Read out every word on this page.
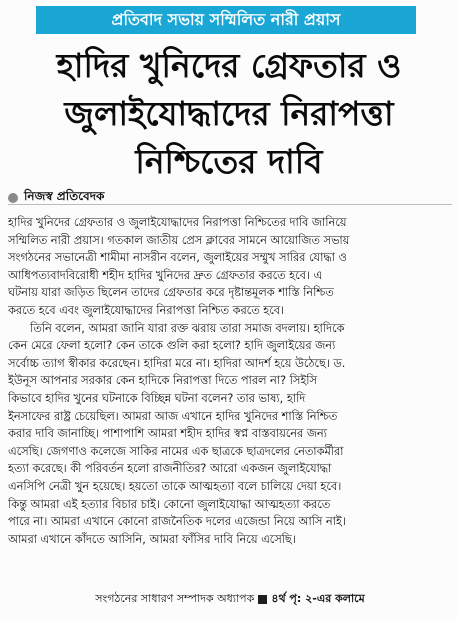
প্রতিবাদ সভায় সম্মিলিত নারী প্রয়াস
হাদির খুনিদের গ্রেফতার ও
জুলাইযোদ্ধাদের নিরাপত্তা
নিশ্চিতের দাবি
নিজস্ব প্রতিবেদক
হাদির খুনিদের গ্রেফতার ও জুলাইযোদ্ধাদের নিরাপত্তা নিশ্চিতের দাবি জানিয়ে
সম্মিলিত নারী প্রয়াস। গতকাল জাতীয় প্রেস ক্লাবের সামনে আয়োজিত সভায়
সংগঠনের সভানেত্রী শামীমা নাসরীন বলেন, জুলাইয়ের সম্মুখ সারির যোদ্ধা ও
আধিপত্যবাদবিরোধী শহীদ হাদির খুনিদের দ্রুত গ্রেফতার করতে হবে। এ
ঘটনায় যারা জড়িত ছিলেন তাদের গ্রেফতার করে দৃষ্টান্তমূলক শাস্তি নিশ্চিত
করতে হবে এবং জুলাইযোদ্ধাদের নিরাপত্তা নিশ্চিত করতে হবে।
তিনি বলেন, আমরা জানি যারা রক্ত ঝরায় তারা সমাজ বদলায়। হাদিকে
কেন মেরে ফেলা হলো? কেন তাকে গুলি করা হলো? হাদি জুলাইয়ের জন্য
সর্বোচ্চ ত্যাগ স্বীকার করেছেন। হাদিরা মরে না। হাদিরা আদর্শ হয়ে উঠেছে। ড.
ইউনূস আপনার সরকার কেন হাদিকে নিরাপত্তা দিতে পারল না? সিইসি
কিভাবে হাদির খুনের ঘটনাকে বিচ্ছিন্ন ঘটনা বলেন? তার ভাষ্য, হাদি
ইনসাফের রাষ্ট্র চেয়েছিল। আমরা আজ এখানে হাদির খুনিদের শাস্তি নিশ্চিত
করার দাবি জানাচ্ছি। পাশাপাশি আমরা শহীদ হাদির স্বপ্ন বাস্তবায়নের জন্য
এসেছি। জেগণাও কলেজে সাকির নামের এক ছাত্রকে ছাত্রদলের নেতাকর্মীরা
হত্যা করেছে। কী পরিবর্তন হলো রাজনীতির? আরো একজন জুলাইযোদ্ধা
এনসিপি নেত্রী খুন হয়েছে। হয়তো তাকে আত্মহত্যা বলে চালিয়ে দেয়া হবে।
কিন্তু আমরা এই হত্যার বিচার চাই। কোনো জুলাইযোদ্ধা আত্মহত্যা করতে
পারে না। আমরা এখানে কোনো রাজনৈতিক দলের এজেন্ডা নিয়ে আসি নাই।
আমরা এখানে কাঁদতে আসিনি, আমরা ফাঁসির দাবি নিয়ে এসেছি।
সংগঠনের সাধারণ সম্পাদক অধ্যাপক ৪র্থ পৃ: ২-এর কলামে
